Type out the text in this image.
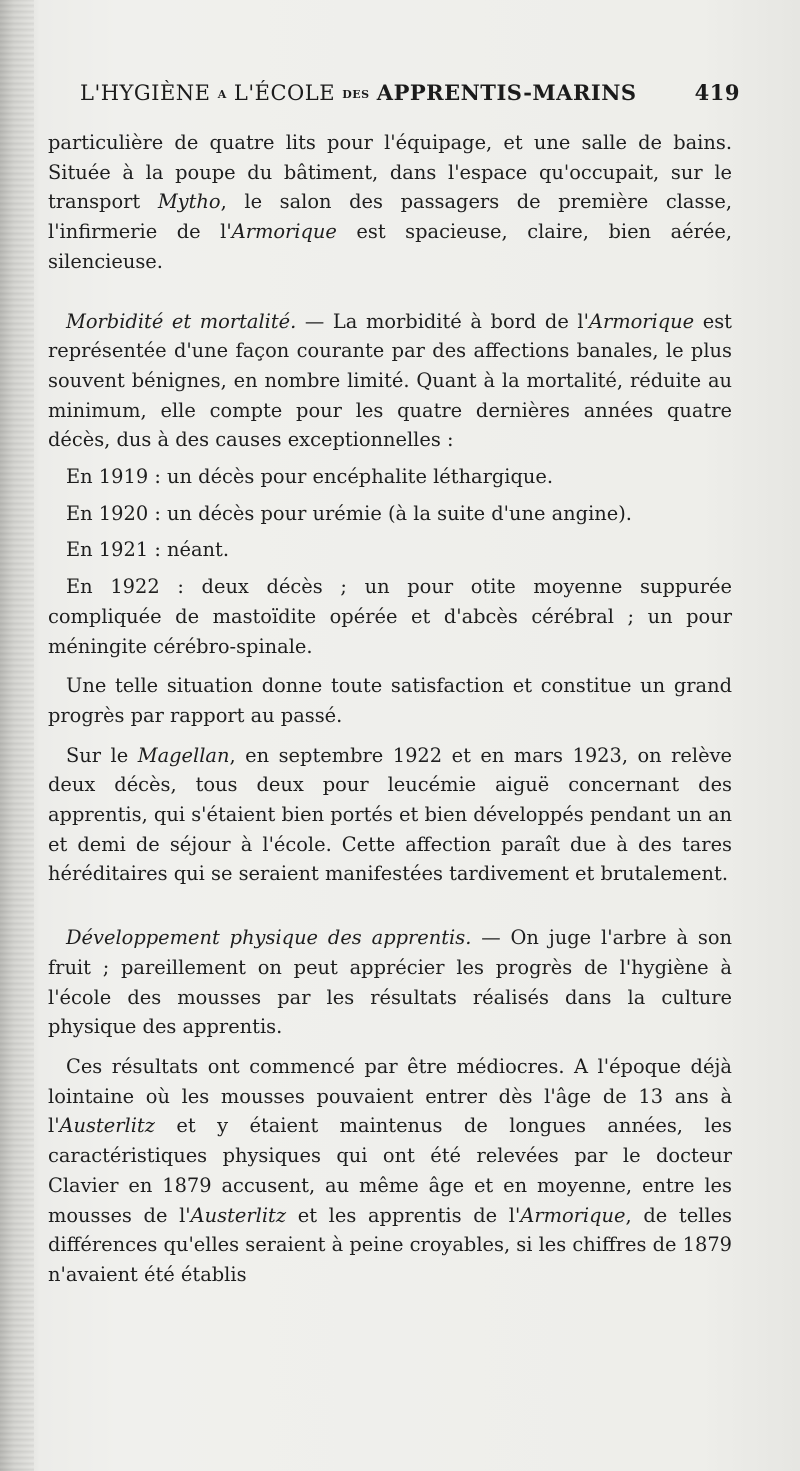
L'HYGIÈNE A L'ÉCOLE DES APPRENTIS-MARINS	419

particulière de quatre lits pour l'équipage, et une salle de bains. Située à la poupe du bâtiment, dans l'espace qu'occupait, sur le transport Mytho, le salon des passagers de première classe, l'infirmerie de l'Armorique est spacieuse, claire, bien aérée, silencieuse.

Morbidité et mortalité. — La morbidité à bord de l'Armorique est représentée d'une façon courante par des affections banales, le plus souvent bénignes, en nombre limité. Quant à la mortalité, réduite au minimum, elle compte pour les quatre dernières années quatre décès, dus à des causes exceptionnelles :

En 1919 : un décès pour encéphalite léthargique.

En 1920 : un décès pour urémie (à la suite d'une angine).

En 1921 : néant.

En 1922 : deux décès ; un pour otite moyenne suppurée compliquée de mastoïdite opérée et d'abcès cérébral ; un pour méningite cérébro-spinale.

Une telle situation donne toute satisfaction et constitue un grand progrès par rapport au passé.

Sur le Magellan, en septembre 1922 et en mars 1923, on relève deux décès, tous deux pour leucémie aiguë concernant des apprentis, qui s'étaient bien portés et bien développés pendant un an et demi de séjour à l'école. Cette affection paraît due à des tares héréditaires qui se seraient manifestées tardivement et brutalement.

Développement physique des apprentis. — On juge l'arbre à son fruit ; pareillement on peut apprécier les progrès de l'hygiène à l'école des mousses par les résultats réalisés dans la culture physique des apprentis.

Ces résultats ont commencé par être médiocres. A l'époque déjà lointaine où les mousses pouvaient entrer dès l'âge de 13 ans à l'Austerlitz et y étaient maintenus de longues années, les caractéristiques physiques qui ont été relevées par le docteur Clavier en 1879 accusent, au même âge et en moyenne, entre les mousses de l'Austerlitz et les apprentis de l'Armorique, de telles différences qu'elles seraient à peine croyables, si les chiffres de 1879 n'avaient été établis
